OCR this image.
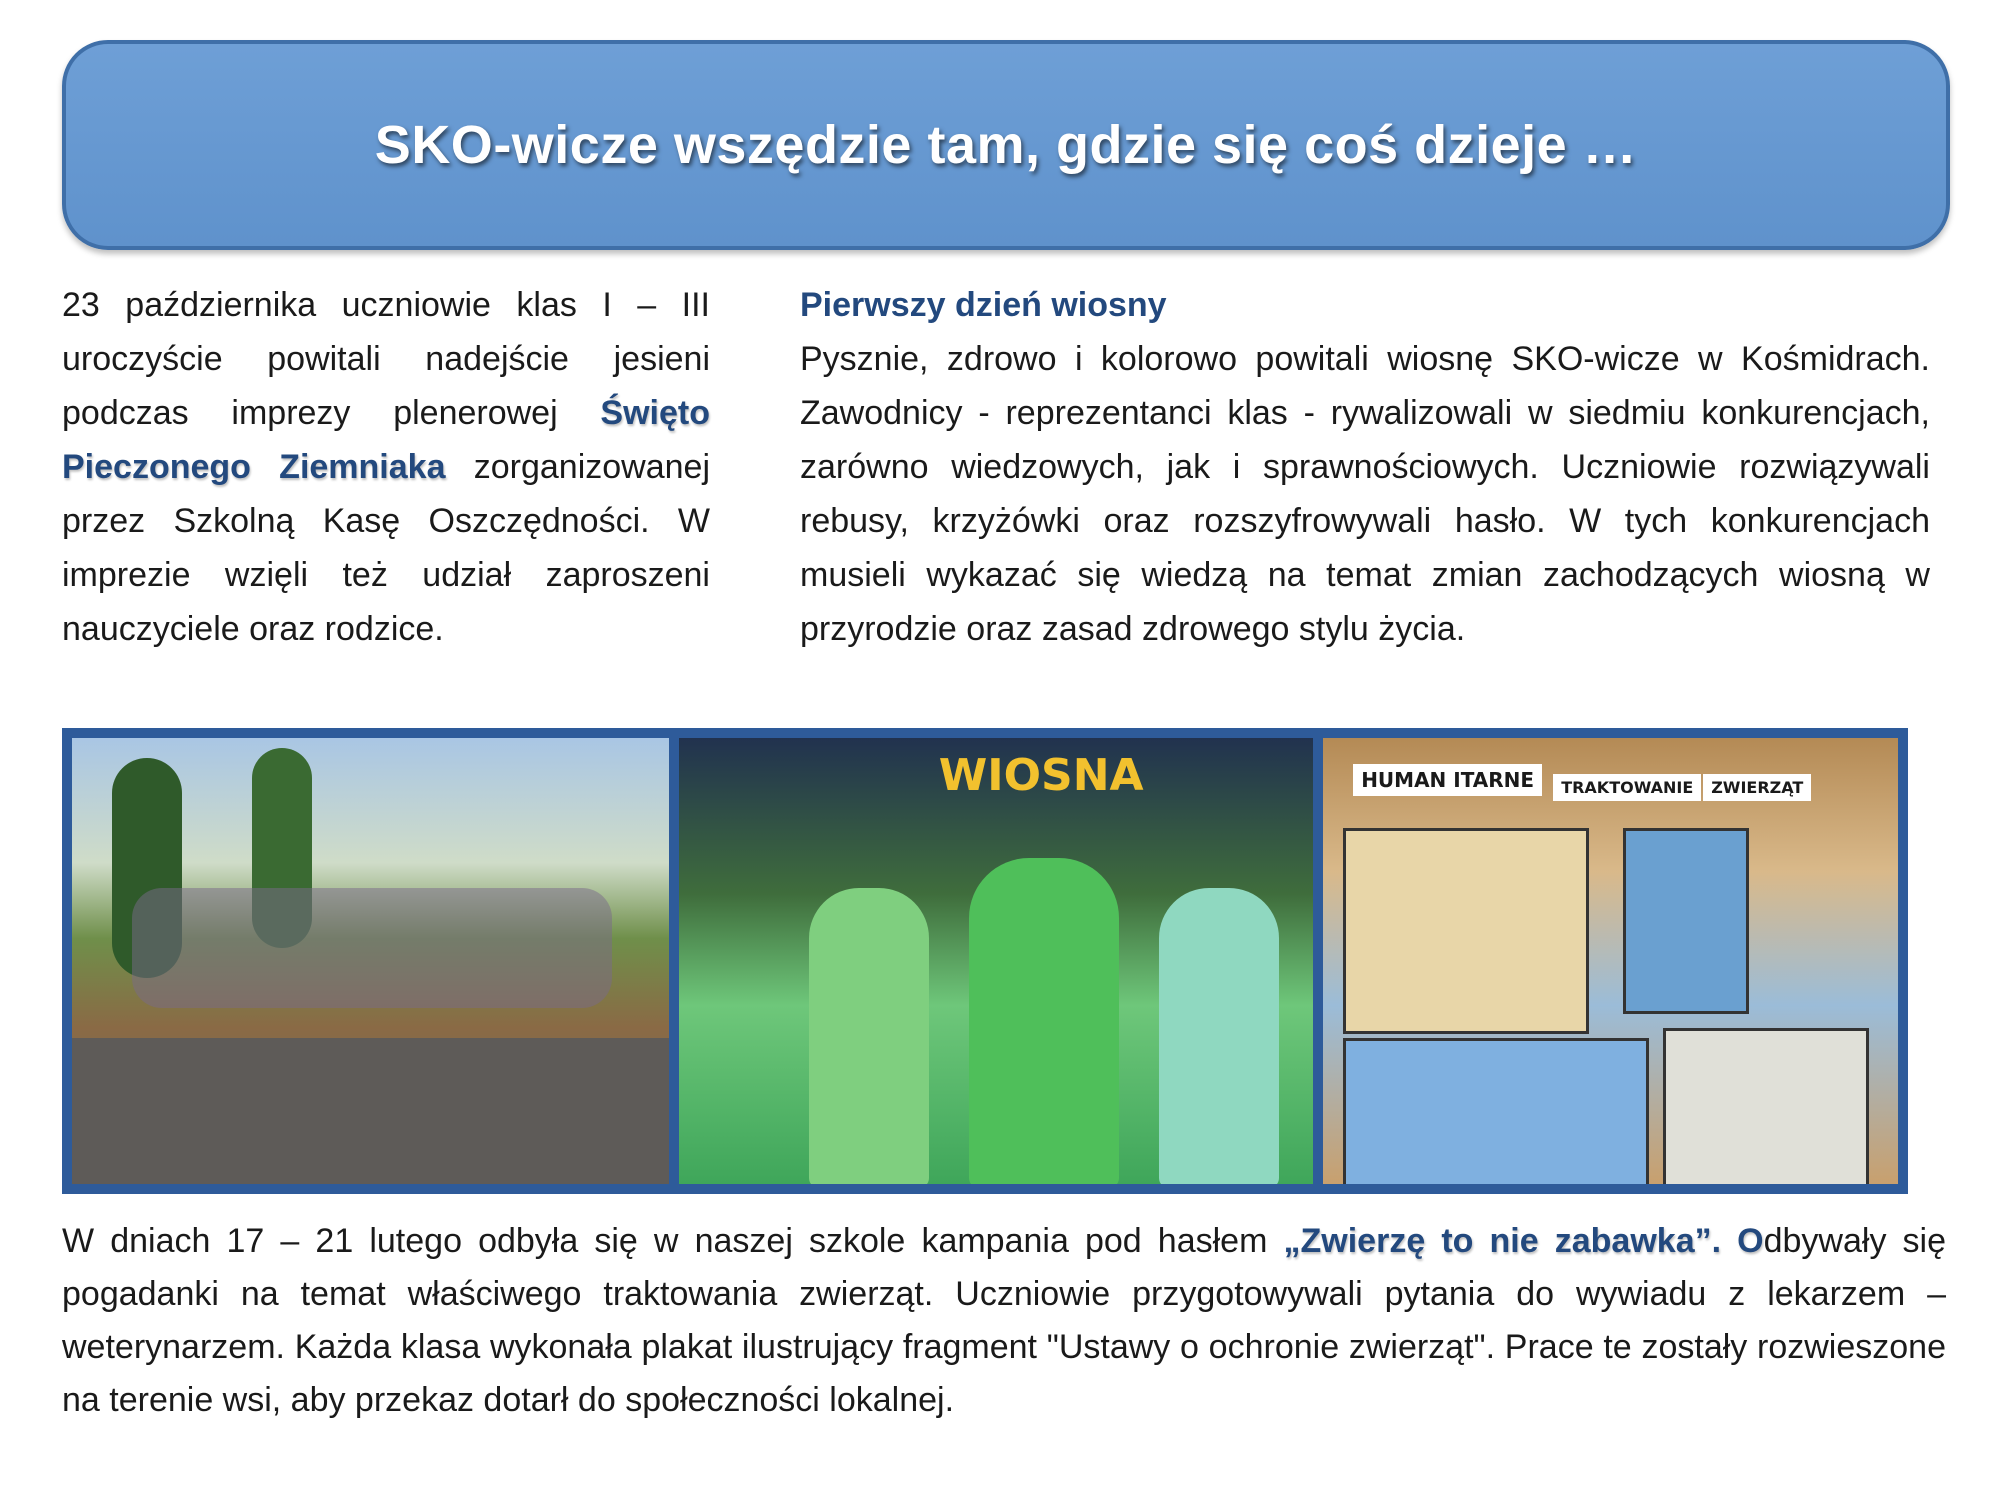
SKO-wicze wszędzie tam, gdzie się coś dzieje …
23 października uczniowie klas I – III uroczyście powitali nadejście jesieni podczas imprezy plenerowej Święto Pieczonego Ziemniaka zorganizowanej przez Szkolną Kasę Oszczędności. W imprezie wzięli też udział zaproszeni nauczyciele oraz rodzice.
Pierwszy dzień wiosny
Pysznie, zdrowo i kolorowo powitali wiosnę SKO-wicze w Kośmidrach. Zawodnicy - reprezentanci klas - rywalizowali w siedmiu konkurencjach, zarówno wiedzowych, jak i sprawnościowych. Uczniowie rozwiązywali rebusy, krzyżówki oraz rozszyfrowywali hasło. W tych konkurencjach musieli wykazać się wiedzą na temat zmian zachodzących wiosną w przyrodzie oraz zasad zdrowego stylu życia.
WIOSNA	HUMAN ITARNE	TRAKTOWANIE	ZWIERZĄT
W dniach 17 – 21 lutego odbyła się w naszej szkole kampania pod hasłem „Zwierzę to nie zabawka”. Odbywały się pogadanki na temat właściwego traktowania zwierząt. Uczniowie przygotowywali pytania do wywiadu z lekarzem – weterynarzem. Każda klasa wykonała plakat ilustrujący fragment "Ustawy o ochronie zwierząt". Prace te zostały rozwieszone na terenie wsi, aby przekaz dotarł do społeczności lokalnej.
